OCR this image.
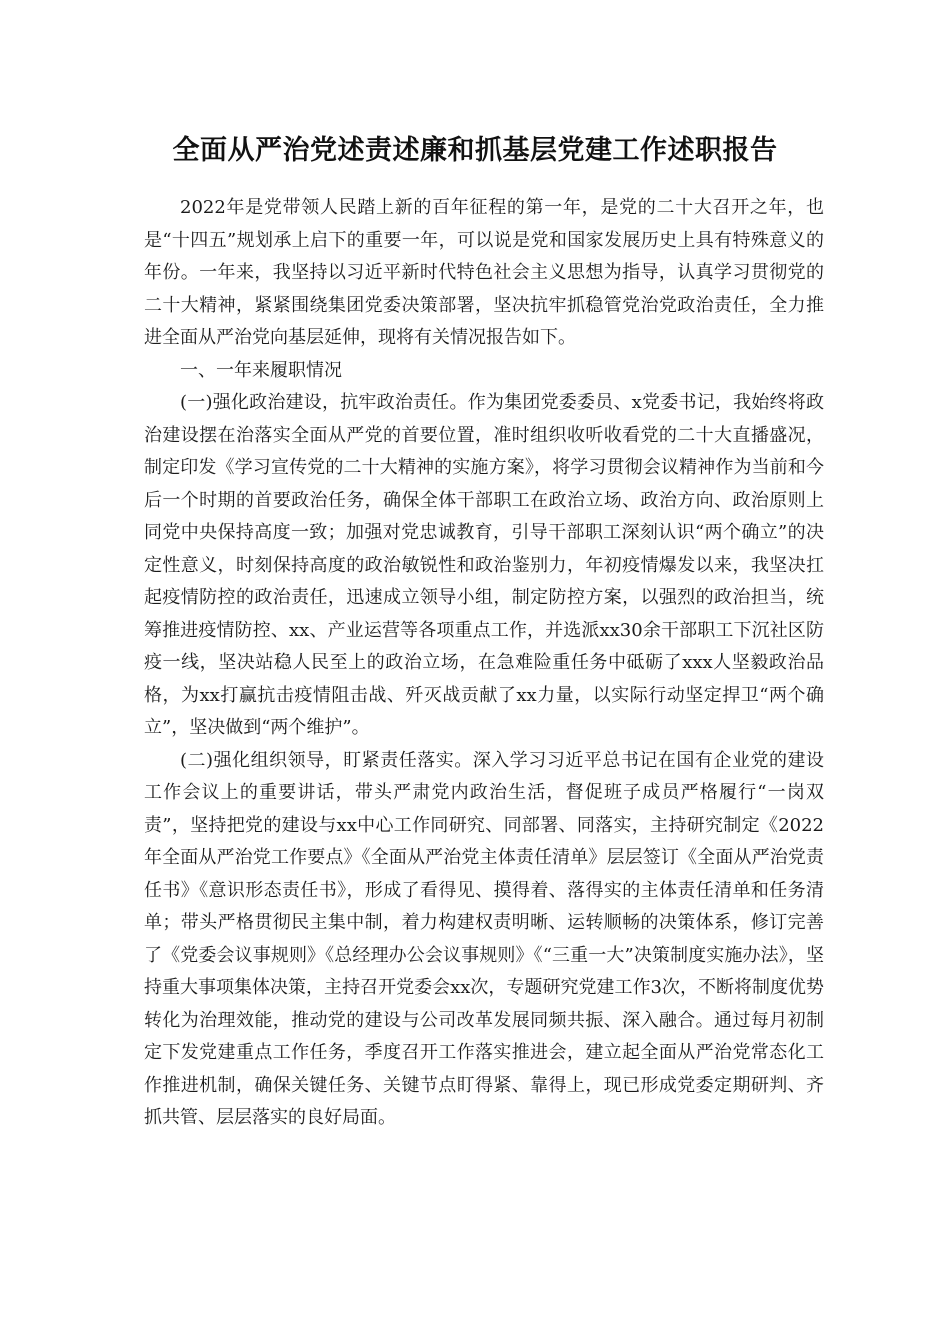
全面从严治党述责述廉和抓基层党建工作述职报告

2022年是党带领人民踏上新的百年征程的第一年，是党的二十大召开之年，也是“十四五”规划承上启下的重要一年，可以说是党和国家发展历史上具有特殊意义的年份。一年来，我坚持以习近平新时代特色社会主义思想为指导，认真学习贯彻党的二十大精神，紧紧围绕集团党委决策部署，坚决抗牢抓稳管党治党政治责任，全力推进全面从严治党向基层延伸，现将有关情况报告如下。

一、一年来履职情况

(一)强化政治建设，抗牢政治责任。作为集团党委委员、x党委书记，我始终将政治建设摆在治落实全面从严党的首要位置，准时组织收听收看党的二十大直播盛况，制定印发《学习宣传党的二十大精神的实施方案》，将学习贯彻会议精神作为当前和今后一个时期的首要政治任务，确保全体干部职工在政治立场、政治方向、政治原则上同党中央保持高度一致；加强对党忠诚教育，引导干部职工深刻认识“两个确立”的决定性意义，时刻保持高度的政治敏锐性和政治鉴别力，年初疫情爆发以来，我坚决扛起疫情防控的政治责任，迅速成立领导小组，制定防控方案，以强烈的政治担当，统筹推进疫情防控、xx、产业运营等各项重点工作，并选派xx30余干部职工下沉社区防疫一线，坚决站稳人民至上的政治立场，在急难险重任务中砥砺了xxx人坚毅政治品格，为xx打赢抗击疫情阻击战、歼灭战贡献了xx力量，以实际行动坚定捍卫“两个确立”，坚决做到“两个维护”。

(二)强化组织领导，盯紧责任落实。深入学习习近平总书记在国有企业党的建设工作会议上的重要讲话，带头严肃党内政治生活，督促班子成员严格履行“一岗双责”，坚持把党的建设与xx中心工作同研究、同部署、同落实，主持研究制定《2022年全面从严治党工作要点》《全面从严治党主体责任清单》层层签订《全面从严治党责任书》《意识形态责任书》，形成了看得见、摸得着、落得实的主体责任清单和任务清单；带头严格贯彻民主集中制，着力构建权责明晰、运转顺畅的决策体系，修订完善了《党委会议事规则》《总经理办公会议事规则》《“三重一大”决策制度实施办法》，坚持重大事项集体决策，主持召开党委会xx次，专题研究党建工作3次，不断将制度优势转化为治理效能，推动党的建设与公司改革发展同频共振、深入融合。通过每月初制定下发党建重点工作任务，季度召开工作落实推进会，建立起全面从严治党常态化工作推进机制，确保关键任务、关键节点盯得紧、靠得上，现已形成党委定期研判、齐抓共管、层层落实的良好局面。
